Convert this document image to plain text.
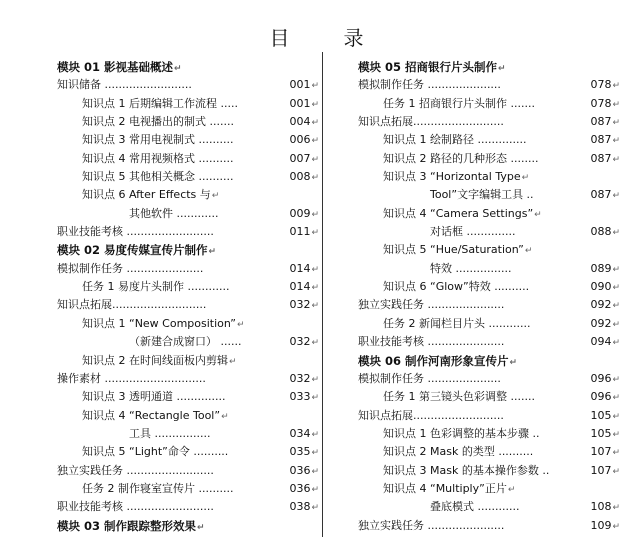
目	录
模块 01 影视基础概述↵
知识储备 .........................	001↵
知识点 1 后期编辑工作流程 .....	001↵
知识点 2 电视播出的制式 .......	004↵
知识点 3 常用电视制式 ..........	006↵
知识点 4 常用视频格式 ..........	007↵
知识点 5 其他相关概念 ..........	008↵
知识点 6 After Effects 与↵
其他软件 ............	009↵
职业技能考核 .........................	011↵
模块 02 易度传媒宣传片制作↵
模拟制作任务 ......................	014↵
任务 1 易度片头制作 ............	014↵
知识点拓展...........................	032↵
知识点 1 “New Composition”↵
（新建合成窗口） ......	032↵
知识点 2 在时间线面板内剪辑↵
操作素材 .............................	032↵
知识点 3 透明通道 ..............	033↵
知识点 4 “Rectangle Tool”↵
工具 ................	034↵
知识点 5 “Light”命令 ..........	035↵
独立实践任务 .........................	036↵
任务 2 制作寝室宣传片 ..........	036↵
职业技能考核 .........................	038↵
模块 03 制作跟踪整形效果↵
模块 05 招商银行片头制作↵
模拟制作任务 .....................	078↵
任务 1 招商银行片头制作 .......	078↵
知识点拓展..........................	087↵
知识点 1 绘制路径 ..............	087↵
知识点 2 路径的几种形态 ........	087↵
知识点 3 “Horizontal Type↵
Tool”文字编辑工具 ..	087↵
知识点 4 “Camera Settings”↵
对话框 ..............	088↵
知识点 5 “Hue/Saturation”↵
特效 ................	089↵
知识点 6 “Glow”特效 ..........	090↵
独立实践任务 ......................	092↵
任务 2 新闻栏目片头 ............	092↵
职业技能考核 ......................	094↵
模块 06 制作河南形象宣传片↵
模拟制作任务 .....................	096↵
任务 1 第三镜头色彩调整 .......	096↵
知识点拓展..........................	105↵
知识点 1 色彩调整的基本步骤 ..	105↵
知识点 2 Mask 的类型 ..........	107↵
知识点 3 Mask 的基本操作参数 ..	107↵
知识点 4 “Multiply”正片↵
叠底模式 ............	108↵
独立实践任务 ......................	109↵
